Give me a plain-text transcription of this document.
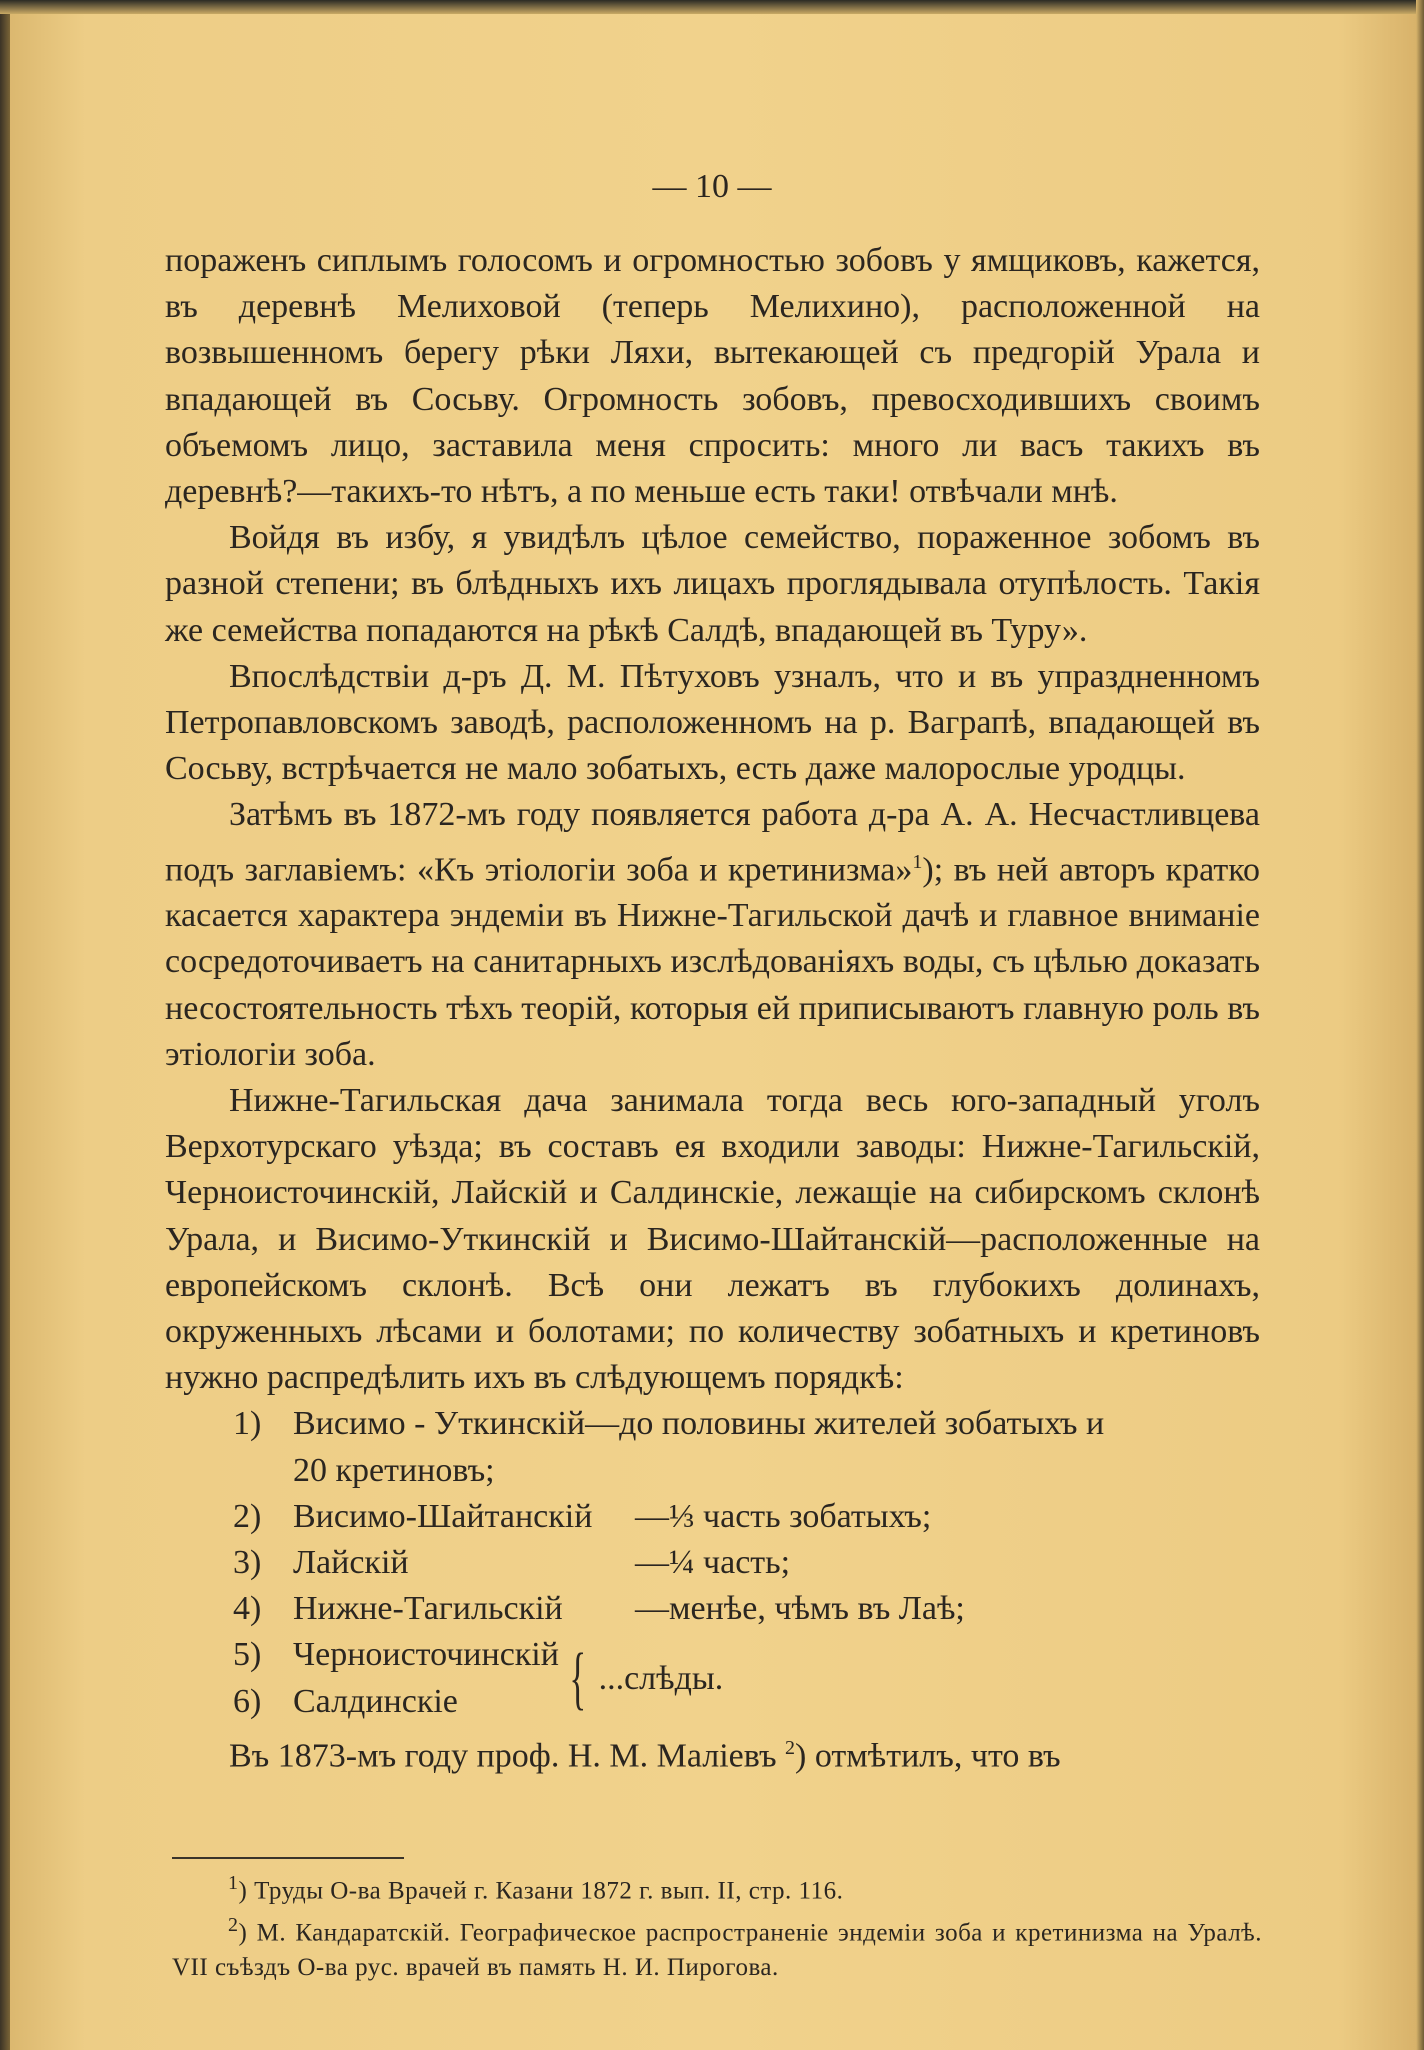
— 10 —

пораженъ сиплымъ голосомъ и огромностью зобовъ у ямщиковъ, кажется, въ деревнѣ Мелиховой (теперь Мелихино), расположенной на возвышенномъ берегу рѣки Ляхи, вытекающей съ предгорій Урала и впадающей въ Сосьву. Огромность зобовъ, превосходившихъ своимъ объемомъ лицо, заставила меня спросить: много ли васъ такихъ въ деревнѣ?—такихъ-то нѣтъ, а по меньше есть таки! отвѣчали мнѣ.

Войдя въ избу, я увидѣлъ цѣлое семейство, пораженное зобомъ въ разной степени; въ блѣдныхъ ихъ лицахъ проглядывала отупѣлость. Такія же семейства попадаются на рѣкѣ Салдѣ, впадающей въ Туру».

Впослѣдствіи д-ръ Д. М. Пѣтуховъ узналъ, что и въ упраздненномъ Петропавловскомъ заводѣ, расположенномъ на р. Ваграпѣ, впадающей въ Сосьву, встрѣчается не мало зобатыхъ, есть даже малорослые уродцы.

Затѣмъ въ 1872-мъ году появляется работа д-ра А. А. Несчастливцева подъ заглавіемъ: «Къ этіологіи зоба и кретинизма»$^1$); въ ней авторъ кратко касается характера эндеміи въ Нижне-Тагильской дачѣ и главное вниманіе сосредоточиваетъ на санитарныхъ изслѣдованіяхъ воды, съ цѣлью доказать несостоятельность тѣхъ теорій, которыя ей приписываютъ главную роль въ этіологіи зоба.

Нижне-Тагильская дача занимала тогда весь юго-западный уголъ Верхотурскаго уѣзда; въ составъ ея входили заводы: Нижне-Тагильскій, Черноисточинскій, Лайскій и Салдинскіе, лежащіе на сибирскомъ склонѣ Урала, и Висимо-Уткинскій и Висимо-Шайтанскій—расположенные на европейскомъ склонѣ. Всѣ они лежатъ въ глубокихъ долинахъ, окруженныхъ лѣсами и болотами; по количеству зобатныхъ и кретиновъ нужно распредѣлить ихъ въ слѣдующемъ порядкѣ:

1) Висимо - Уткинскій—до половины жителей зобатыхъ и
20 кретиновъ;
2) Висимо-Шайтанскій	—⅓ часть зобатыхъ;
3) Лайскій	—¼ часть;
4) Нижне-Тагильскій	—менѣе, чѣмъ въ Лаѣ;
5) Черноисточинскій
6) Салдинскіе { ...слѣды.

Въ 1873-мъ году проф. Н. М. Маліевъ $^2$) отмѣтилъ, что въ

$^1$) Труды О-ва Врачей г. Казани 1872 г. вып. II, стр. 116.

$^2$) М. Кандаратскій. Географическое распространеніе эндеміи зоба и кретинизма на Уралѣ. VII съѣздъ О-ва рус. врачей въ память Н. И. Пирогова.
